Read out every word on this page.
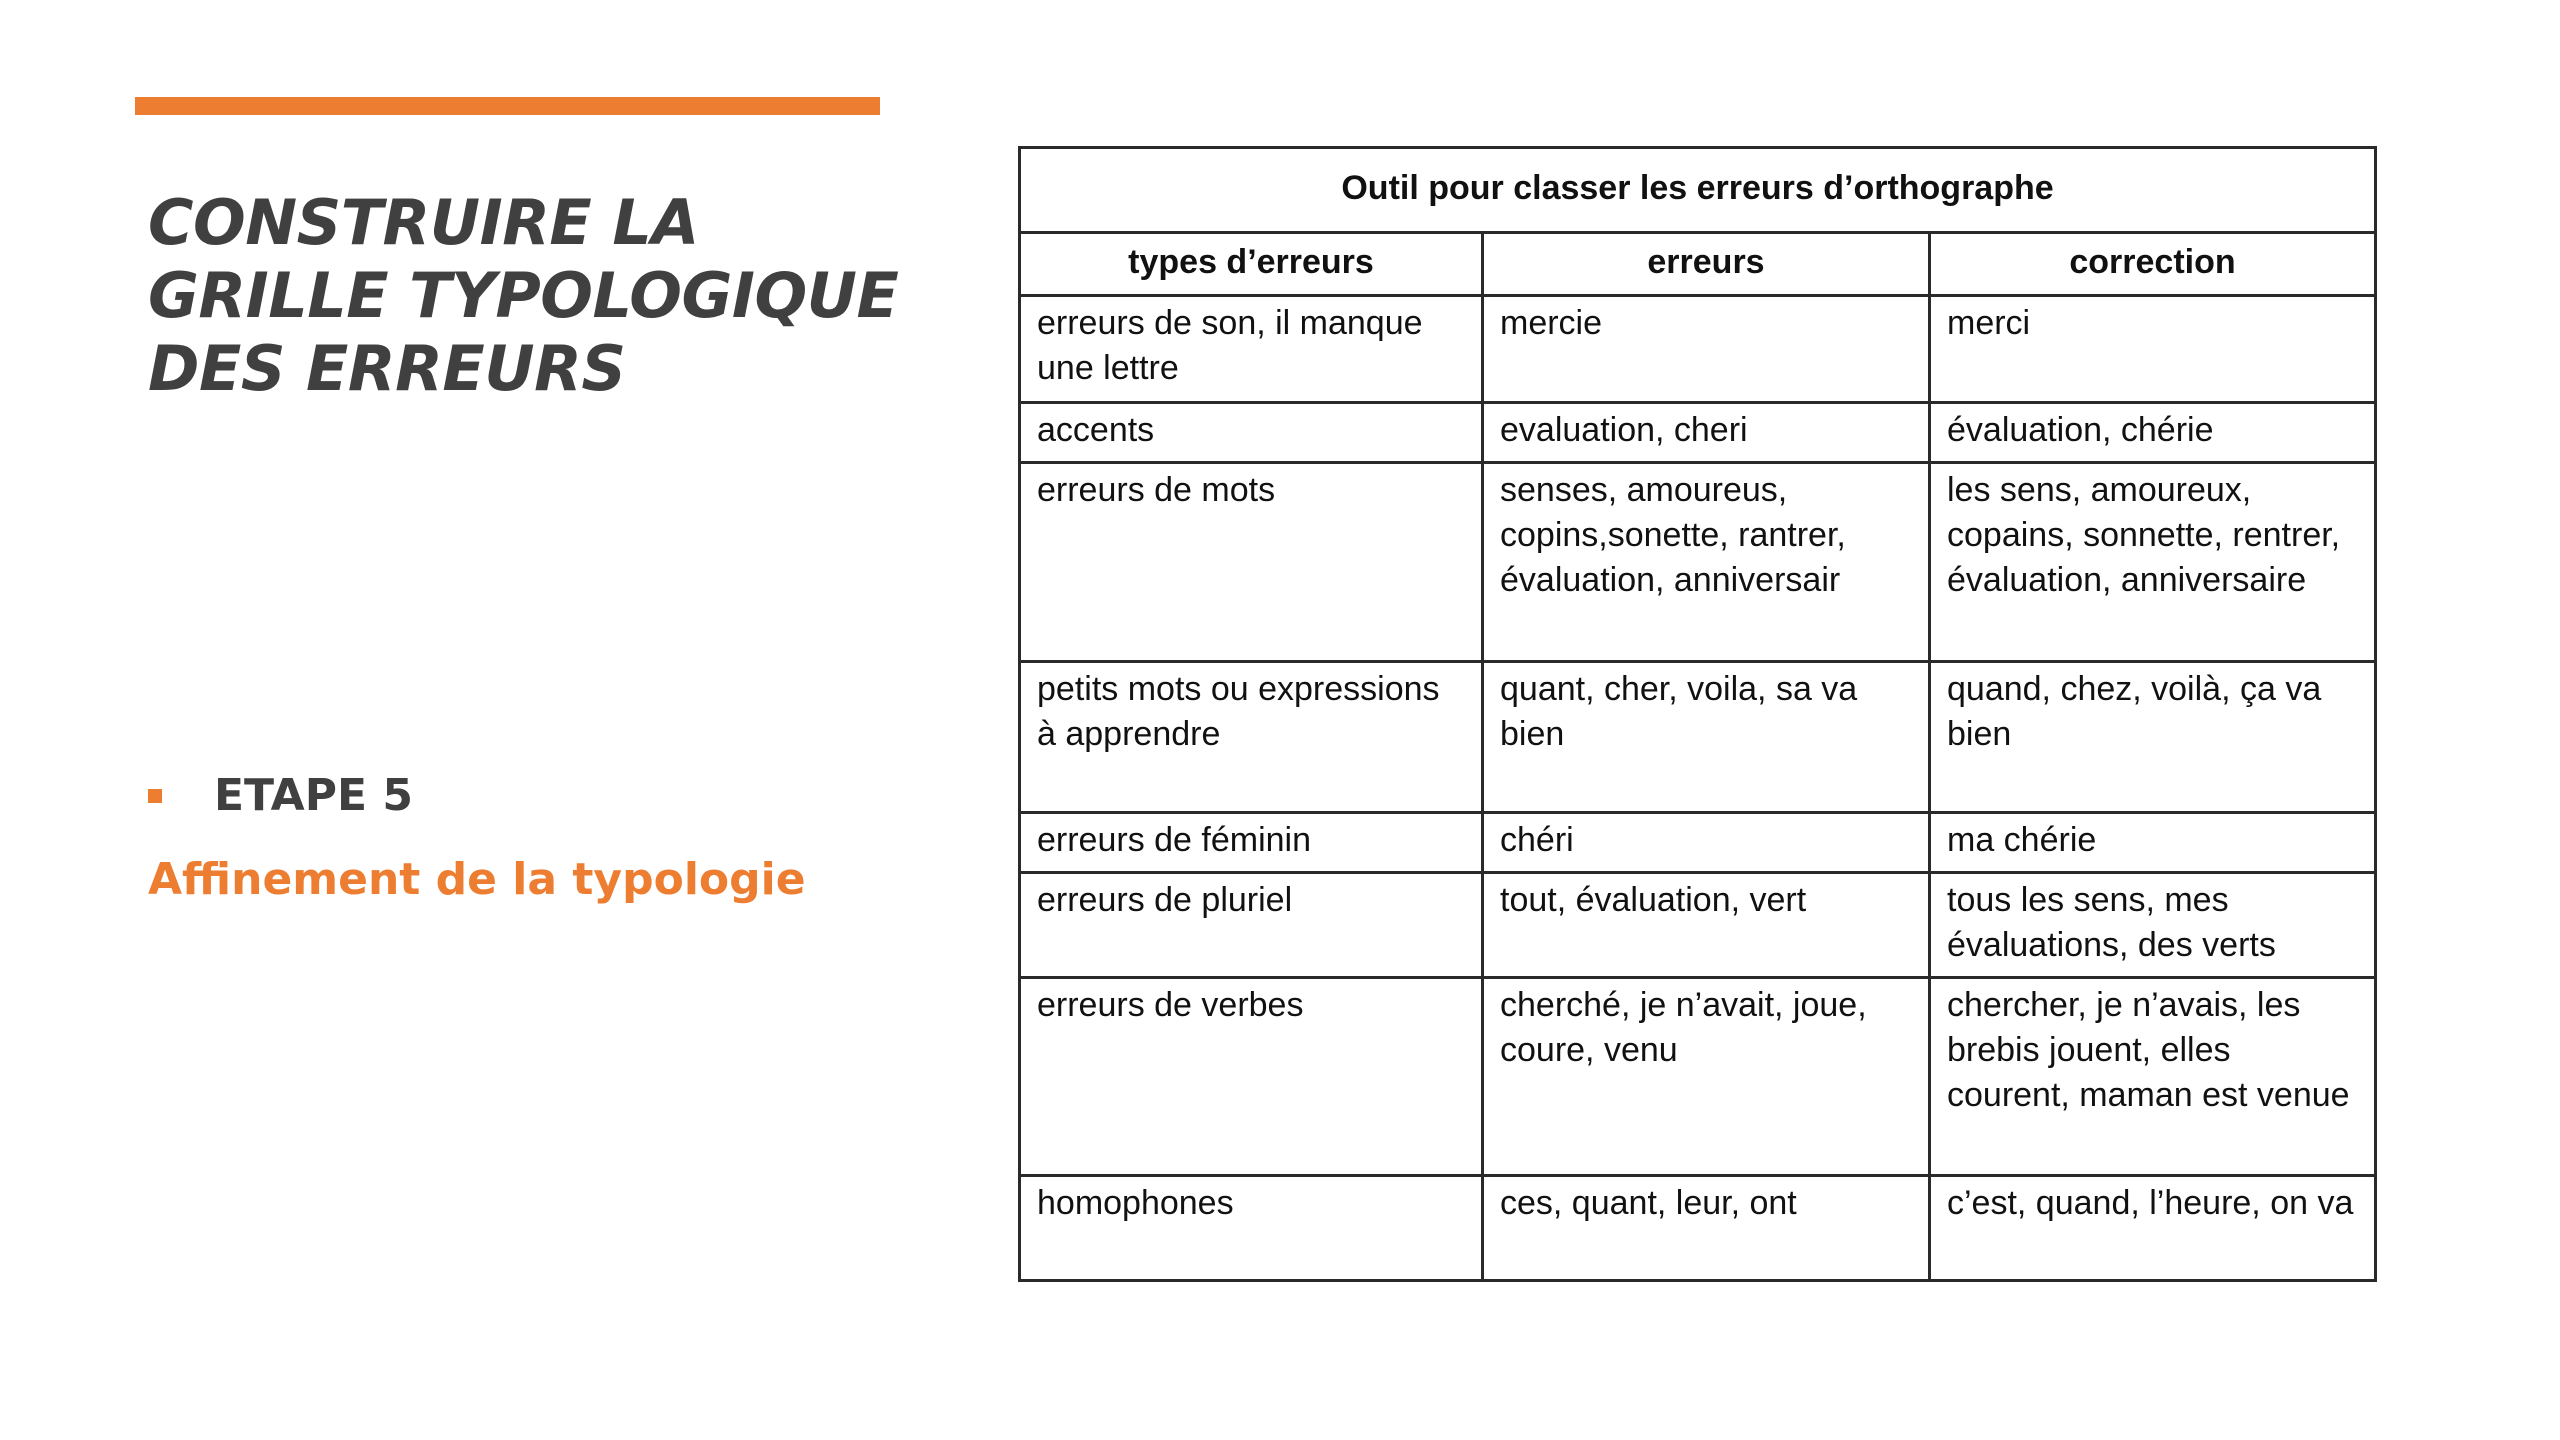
CONSTRUIRE LA
GRILLE TYPOLOGIQUE
DES ERREURS
ETAPE 5
Affinement de la typologie
Outil pour classer les erreurs d’orthographe		
types d’erreurs	erreurs	correction
erreurs de son, il manque une lettre	mercie	merci
accents	evaluation, cheri	évaluation, chérie
erreurs de mots	senses, amoureus, copins,sonette, rantrer, évaluation, anniversair	les sens, amoureux, copains, sonnette, rentrer, évaluation, anniversaire
petits mots ou expressions à apprendre	quant, cher, voila, sa va bien	quand, chez, voilà, ça va bien
erreurs de féminin	chéri	ma chérie
erreurs de pluriel	tout, évaluation, vert	tous les sens, mes évaluations, des verts
erreurs de verbes	cherché, je n’avait, joue, coure, venu	chercher, je n’avais, les brebis jouent, elles courent, maman est venue
homophones	ces, quant, leur, ont	c’est, quand, l’heure, on va
